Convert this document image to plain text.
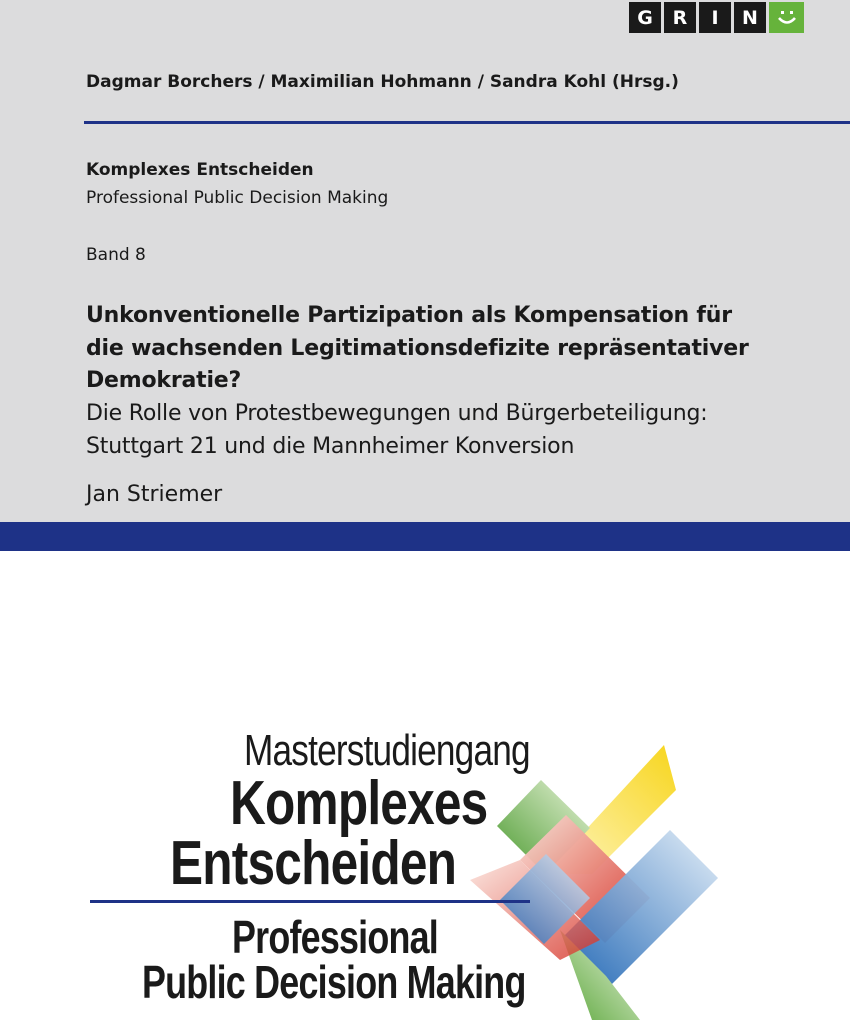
G	R	I	N
Dagmar Borchers / Maximilian Hohmann / Sandra Kohl (Hrsg.)
Komplexes Entscheiden
Professional Public Decision Making
Band 8
Unkonventionelle Partizipation als Kompensation für
die wachsenden Legitimationsdefizite repräsentativer
Demokratie?
Die Rolle von Protestbewegungen und Bürgerbeteiligung:
Stuttgart 21 und die Mannheimer Konversion
Jan Striemer
Masterstudiengang
Komplexes
Entscheiden
Professional
Public Decision Making
